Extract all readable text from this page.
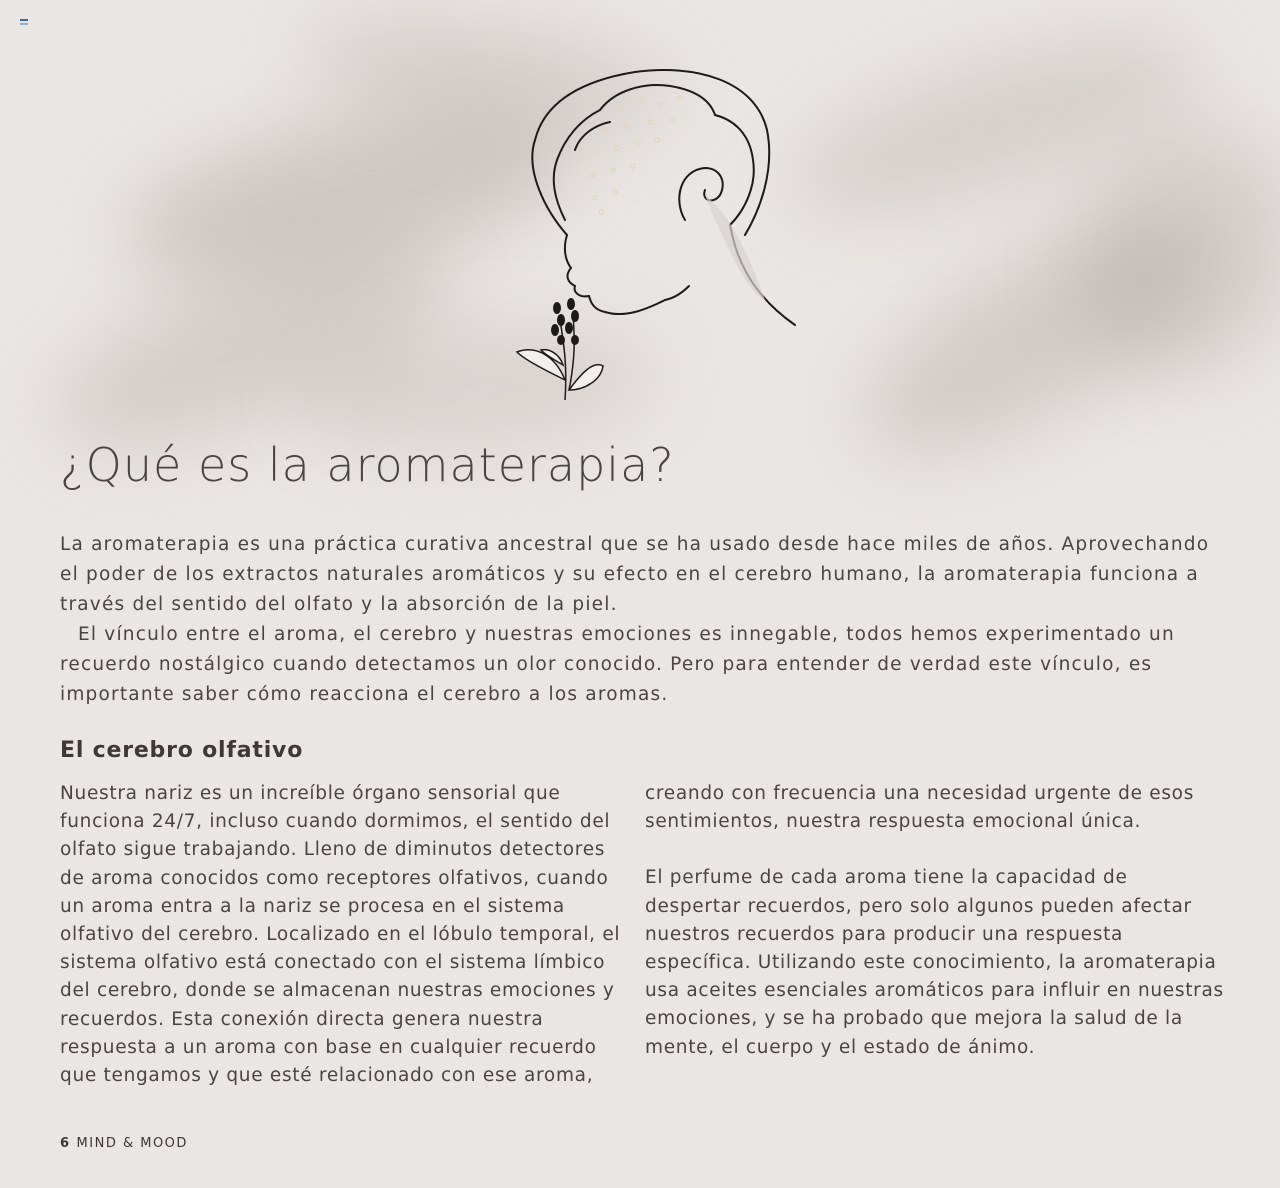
¿Qué es la aromaterapia?

La aromaterapia es una práctica curativa ancestral que se ha usado desde hace miles de años. Aprovechando el poder de los extractos naturales aromáticos y su efecto en el cerebro humano, la aromaterapia funciona a través del sentido del olfato y la absorción de la piel.

El vínculo entre el aroma, el cerebro y nuestras emociones es innegable, todos hemos experimentado un recuerdo nostálgico cuando detectamos un olor conocido. Pero para entender de verdad este vínculo, es importante saber cómo reacciona el cerebro a los aromas.

El cerebro olfativo

Nuestra nariz es un increíble órgano sensorial que funciona 24/7, incluso cuando dormimos, el sentido del olfato sigue trabajando. Lleno de diminutos detectores de aroma conocidos como receptores olfativos, cuando un aroma entra a la nariz se procesa en el sistema olfativo del cerebro. Localizado en el lóbulo temporal, el sistema olfativo está conectado con el sistema límbico del cerebro, donde se almacenan nuestras emociones y recuerdos. Esta conexión directa genera nuestra respuesta a un aroma con base en cualquier recuerdo que tengamos y que esté relacionado con ese aroma,

creando con frecuencia una necesidad urgente de esos sentimientos, nuestra respuesta emocional única.

El perfume de cada aroma tiene la capacidad de despertar recuerdos, pero solo algunos pueden afectar nuestros recuerdos para producir una respuesta específica. Utilizando este conocimiento, la aromaterapia usa aceites esenciales aromáticos para influir en nuestras emociones, y se ha probado que mejora la salud de la mente, el cuerpo y el estado de ánimo.

6 MIND & MOOD
